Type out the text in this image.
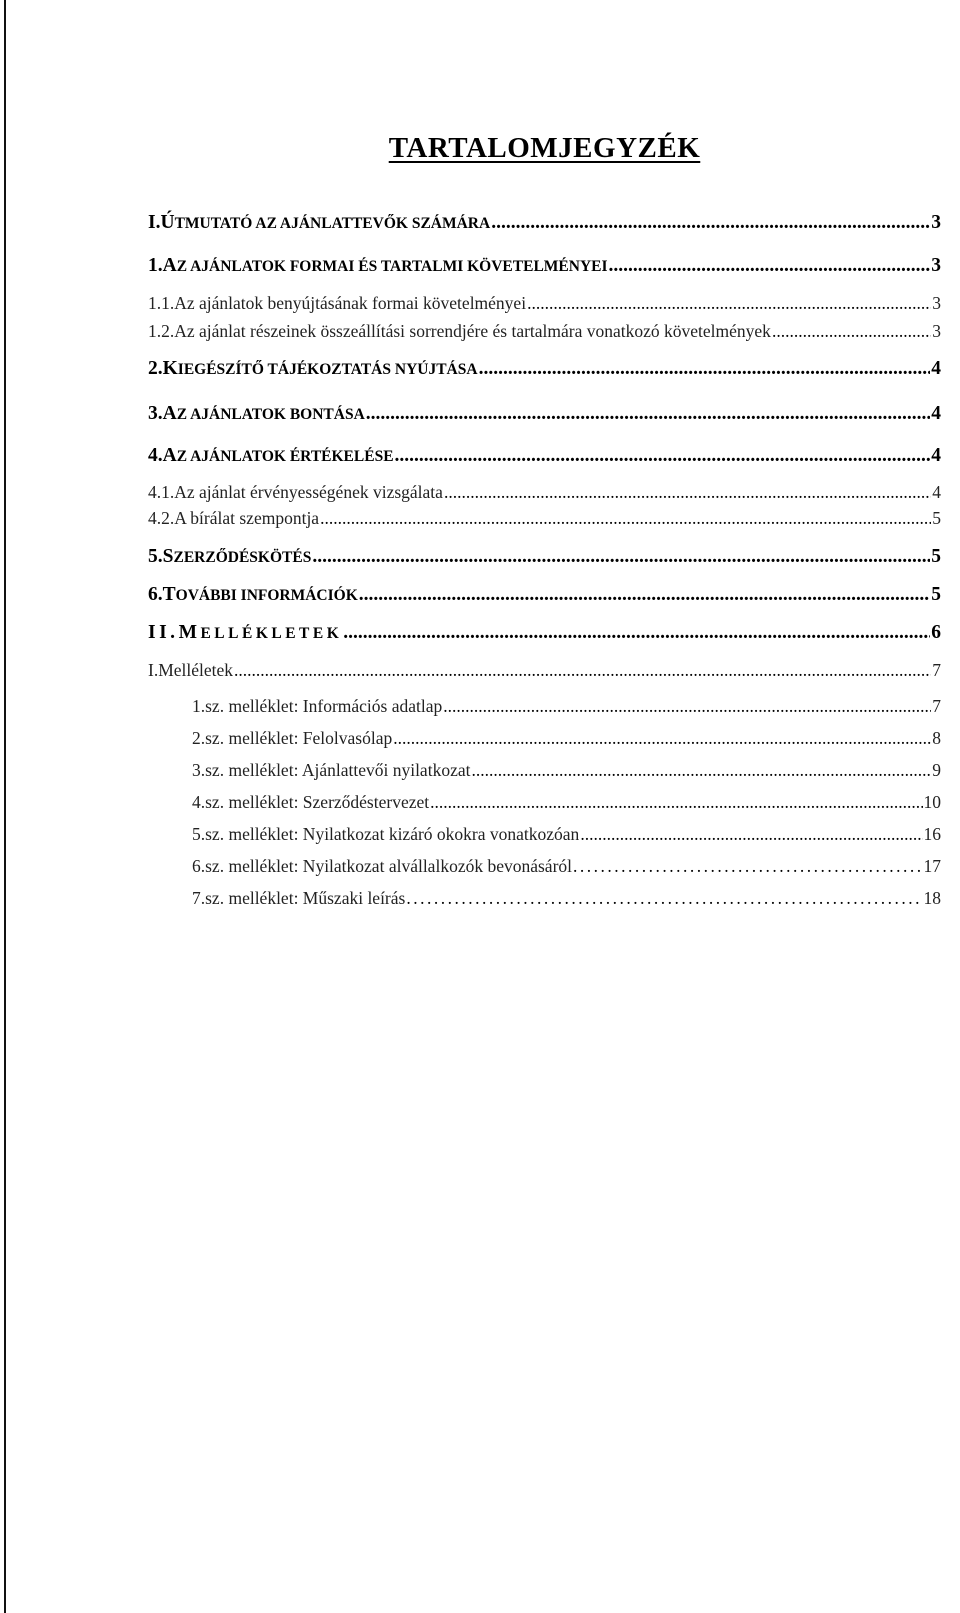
TARTALOMJEGYZÉK
I. ÚTMUTATÓ AZ AJÁNLATTEVŐK SZÁMÁRA .....	3
1. AZ AJÁNLATOK FORMAI ÉS TARTALMI KÖVETELMÉNYEI .....	3
1.1. Az ajánlatok benyújtásának formai követelményei .....	3
1.2. Az ajánlat részeinek összeállítási sorrendjére és tartalmára vonatkozó követelmények .....	3
2. KIEGÉSZÍTŐ TÁJÉKOZTATÁS NYÚJTÁSA .....	4
3. AZ AJÁNLATOK BONTÁSA .....	4
4. AZ AJÁNLATOK ÉRTÉKELÉSE .....	4
4.1. Az ajánlat érvényességének vizsgálata .....	4
4.2. A bírálat szempontja .....	5
5. SZERZŐDÉSKÖTÉS .....	5
6. TOVÁBBI INFORMÁCIÓK .....	5
II. MELLÉKLETEK .....	6
I. Melléletek .....	7
1. sz. melléklet: Információs adatlap .....	7
2. sz. melléklet: Felolvasólap .....	8
3. sz. melléklet: Ajánlattevői nyilatkozat .....	9
4. sz. melléklet: Szerződéstervezet .....	10
5. sz. melléklet: Nyilatkozat kizáró okokra vonatkozóan .....	16
6. sz. melléklet: Nyilatkozat alvállalkozók bevonásáról .....	17
7. sz. melléklet: Műszaki leírás .....	18
